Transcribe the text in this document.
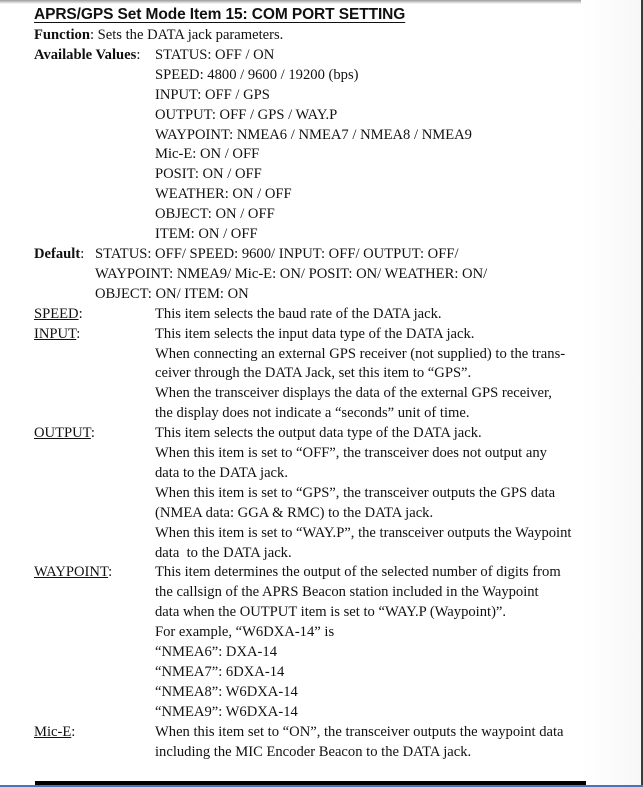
APRS/GPS Set Mode Item 15: COM PORT SETTING
Function: Sets the DATA jack parameters.
Available Values:	STATUS: OFF / ON
SPEED: 4800 / 9600 / 19200 (bps)
INPUT: OFF / GPS
OUTPUT: OFF / GPS / WAY.P
WAYPOINT: NMEA6 / NMEA7 / NMEA8 / NMEA9
Mic-E: ON / OFF
POSIT: ON / OFF
WEATHER: ON / OFF
OBJECT: ON / OFF
ITEM: ON / OFF
Default: STATUS: OFF/ SPEED: 9600/ INPUT: OFF/ OUTPUT: OFF/
WAYPOINT: NMEA9/ Mic-E: ON/ POSIT: ON/ WEATHER: ON/
OBJECT: ON/ ITEM: ON
SPEED:	This item selects the baud rate of the DATA jack.
INPUT:	This item selects the input data type of the DATA jack.
When connecting an external GPS receiver (not supplied) to the trans-
ceiver through the DATA Jack, set this item to “GPS”.
When the transceiver displays the data of the external GPS receiver,
the display does not indicate a “seconds” unit of time.
OUTPUT:	This item selects the output data type of the DATA jack.
When this item is set to “OFF”, the transceiver does not output any
data to the DATA jack.
When this item is set to “GPS”, the transceiver outputs the GPS data
(NMEA data: GGA & RMC) to the DATA jack.
When this item is set to “WAY.P”, the transceiver outputs the Waypoint
data  to the DATA jack.
WAYPOINT:	This item determines the output of the selected number of digits from
the callsign of the APRS Beacon station included in the Waypoint
data when the OUTPUT item is set to “WAY.P (Waypoint)”.
For example, “W6DXA-14” is
“NMEA6”: DXA-14
“NMEA7”: 6DXA-14
“NMEA8”: W6DXA-14
“NMEA9”: W6DXA-14
Mic-E:	When this item set to “ON”, the transceiver outputs the waypoint data
including the MIC Encoder Beacon to the DATA jack.
